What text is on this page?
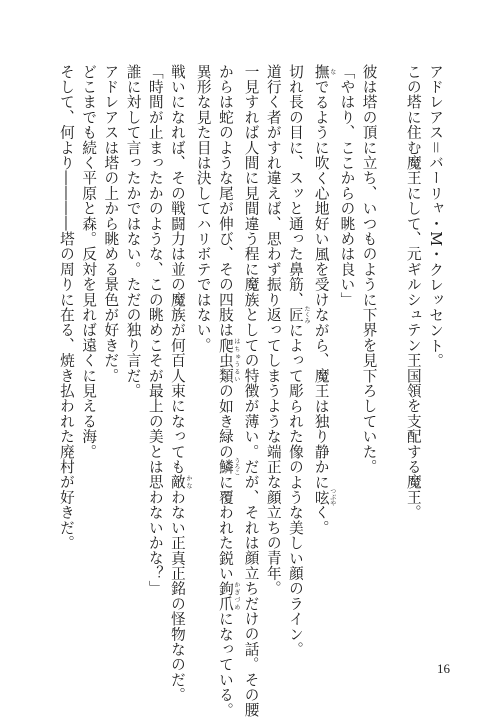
アドレアス＝バーリャ・M・クレッセント。
この塔に住む魔王にして、元ギルシュテン王国領を支配する魔王。
彼は塔の頂に立ち、いつものように下界を見下ろしていた。
「やはり、ここからの眺めは良い」
撫 なでるように吹く心地好い風を受けながら、魔王は独り静かに呟 つぶやく。
切れ長の目に、スッと通った鼻筋、匠 たくみによって彫られた像のような美しい顔のライン。
道行く者がすれ違えば、思わず振り返ってしまうような端正な顔立ちの青年。
一見すれば人間に見間違う程に魔族としての特徴が薄い。だが、それは顔立ちだけの話。その腰
からは蛇のような尾が伸び、その四肢は爬虫類 はちゅうるいの如き緑の鱗 うろこに覆われた鋭い鉤爪 かぎづめになっている。
異形な見た目は決してハリボテではない。
戦いになれば、その戦闘力は並の魔族が何百人束になっても敵 かなわない正真正銘の怪物なのだ。
「時間が止まったかのような、この眺めこそが最上の美とは思わないかな？」
誰に対して言ったかではない。ただの独り言だ。
アドレアスは塔の上から眺める景色が好きだ。
どこまでも続く平原と森。反対を見れば遠くに見える海。
そして、何より――――塔の周りに在る、焼き払われた廃村が好きだ。
16
